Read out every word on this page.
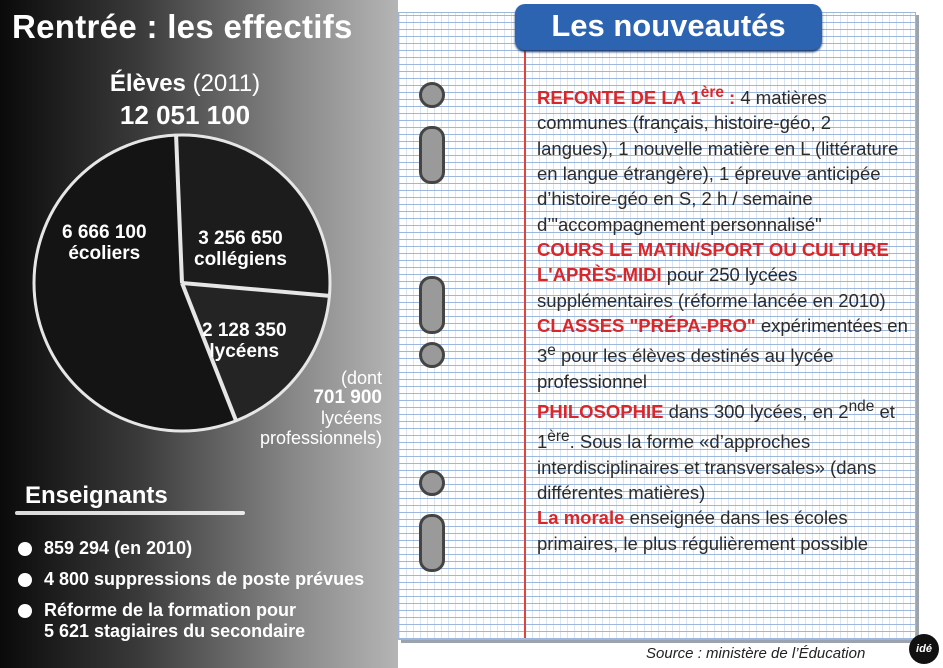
Rentrée : les effectifs
Élèves (2011)
12 051 100
6 666 100
écoliers
3 256 650
collégiens
2 128 350
lycéens
(dont
701 900
lycéens
professionnels)
Enseignants
859 294 (en 2010)
4 800 suppressions de poste prévues
Réforme de la formation pour
5 621 stagiaires du secondaire
Les nouveautés

REFONTE DE LA 1ère : 4 matières communes (français, histoire-géo, 2 langues), 1 nouvelle matière en L (littérature en langue étrangère), 1 épreuve anticipée d’histoire-géo en S, 2 h / semaine d’"accompagnement personnalisé"

COURS LE MATIN/SPORT OU CULTURE L'APRÈS-MIDI pour 250 lycées supplémentaires (réforme lancée en 2010)

CLASSES "PRÉPA-PRO" expérimentées en 3e pour les élèves destinés au lycée professionnel

PHILOSOPHIE dans 300 lycées, en 2nde et 1ère. Sous la forme «d’approches interdisciplinaires et transversales» (dans différentes matières)

La morale enseignée dans les écoles primaires, le plus régulièrement possible

Source : ministère de l’Éducation	idé
